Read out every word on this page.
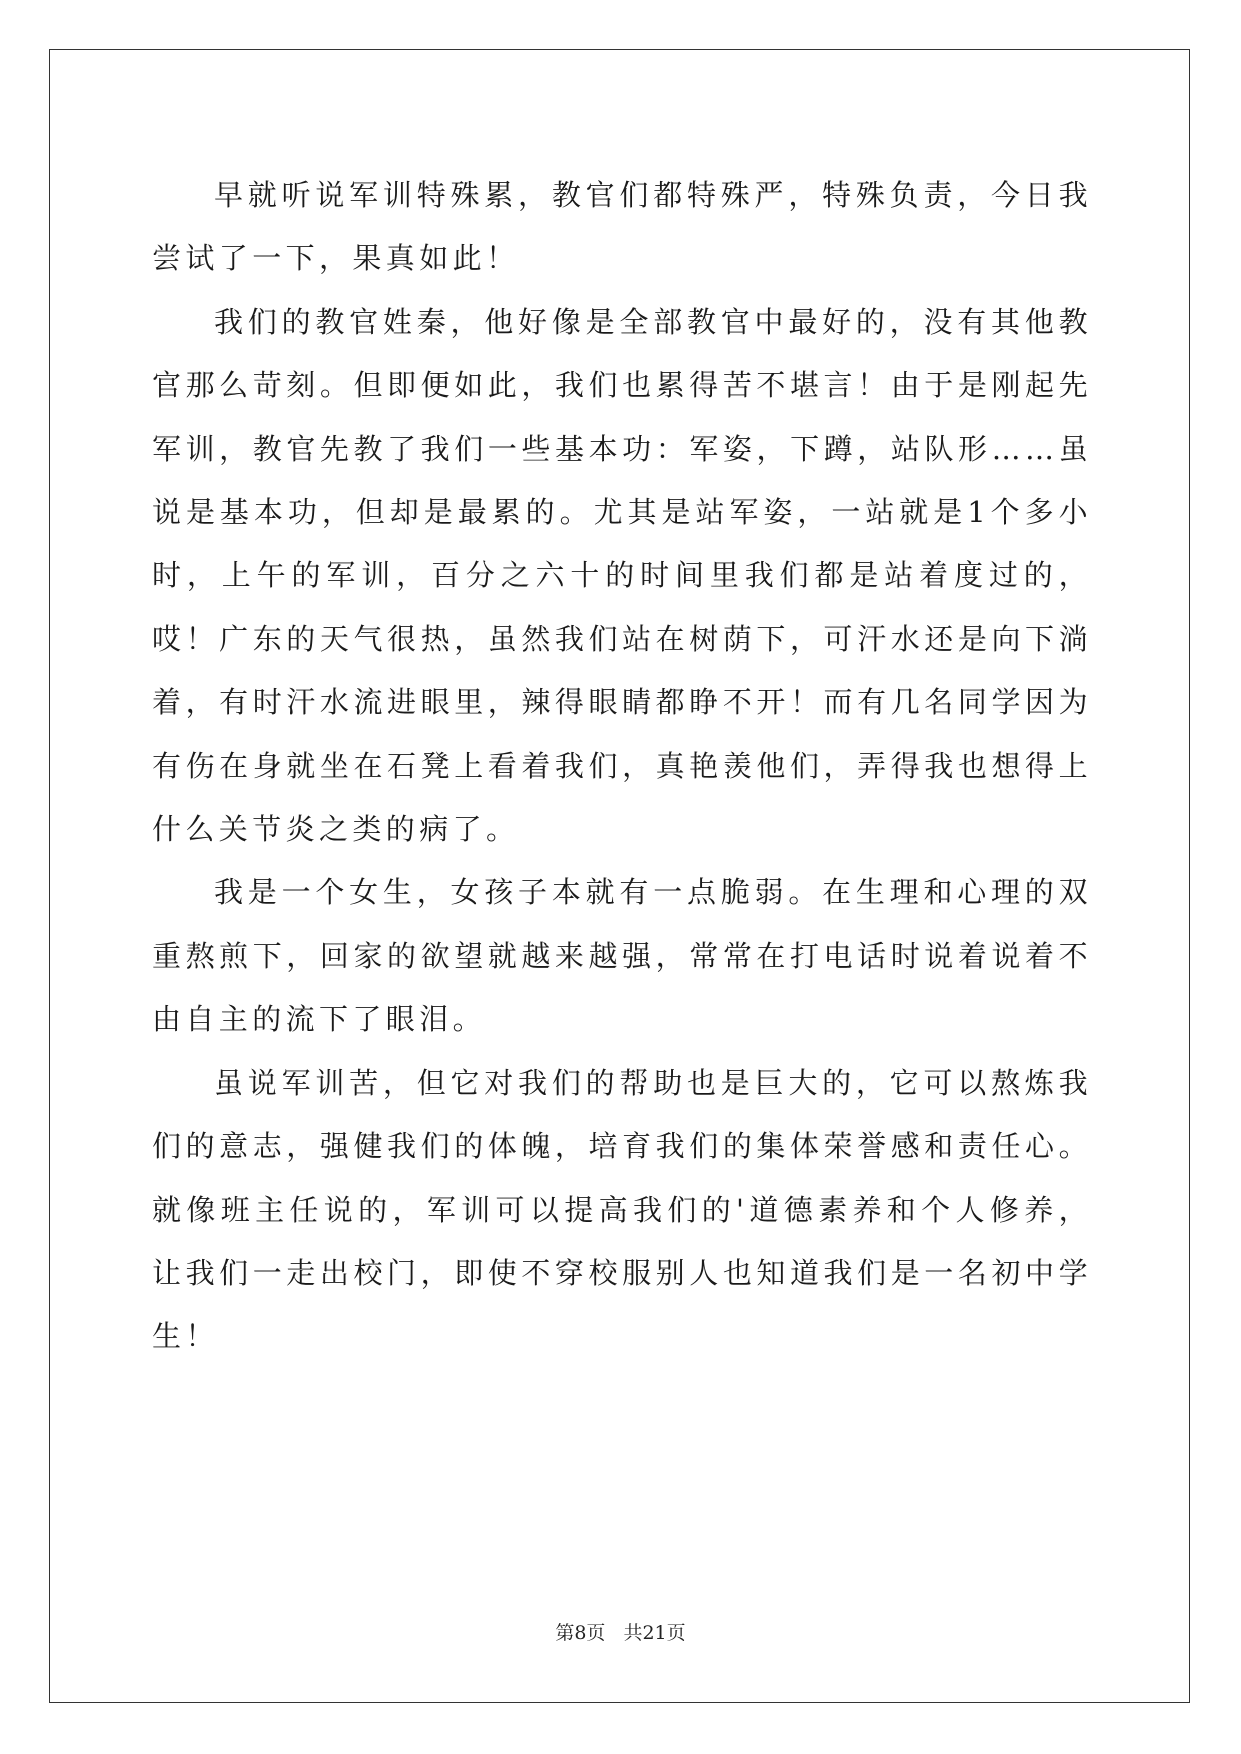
早就听说军训特殊累，教官们都特殊严，特殊负责，今日我尝试了一下，果真如此！

我们的教官姓秦，他好像是全部教官中最好的，没有其他教官那么苛刻。但即便如此，我们也累得苦不堪言！由于是刚起先军训，教官先教了我们一些基本功：军姿，下蹲，站队形……虽说是基本功，但却是最累的。尤其是站军姿，一站就是1个多小时，上午的军训，百分之六十的时间里我们都是站着度过的，哎！广东的天气很热，虽然我们站在树荫下，可汗水还是向下淌着，有时汗水流进眼里，辣得眼睛都睁不开！而有几名同学因为有伤在身就坐在石凳上看着我们，真艳羡他们，弄得我也想得上什么关节炎之类的病了。

我是一个女生，女孩子本就有一点脆弱。在生理和心理的双重熬煎下，回家的欲望就越来越强，常常在打电话时说着说着不由自主的流下了眼泪。

虽说军训苦，但它对我们的帮助也是巨大的，它可以熬炼我们的意志，强健我们的体魄，培育我们的集体荣誉感和责任心。就像班主任说的，军训可以提高我们的'道德素养和个人修养，让我们一走出校门，即使不穿校服别人也知道我们是一名初中学生！

第8页 共21页
